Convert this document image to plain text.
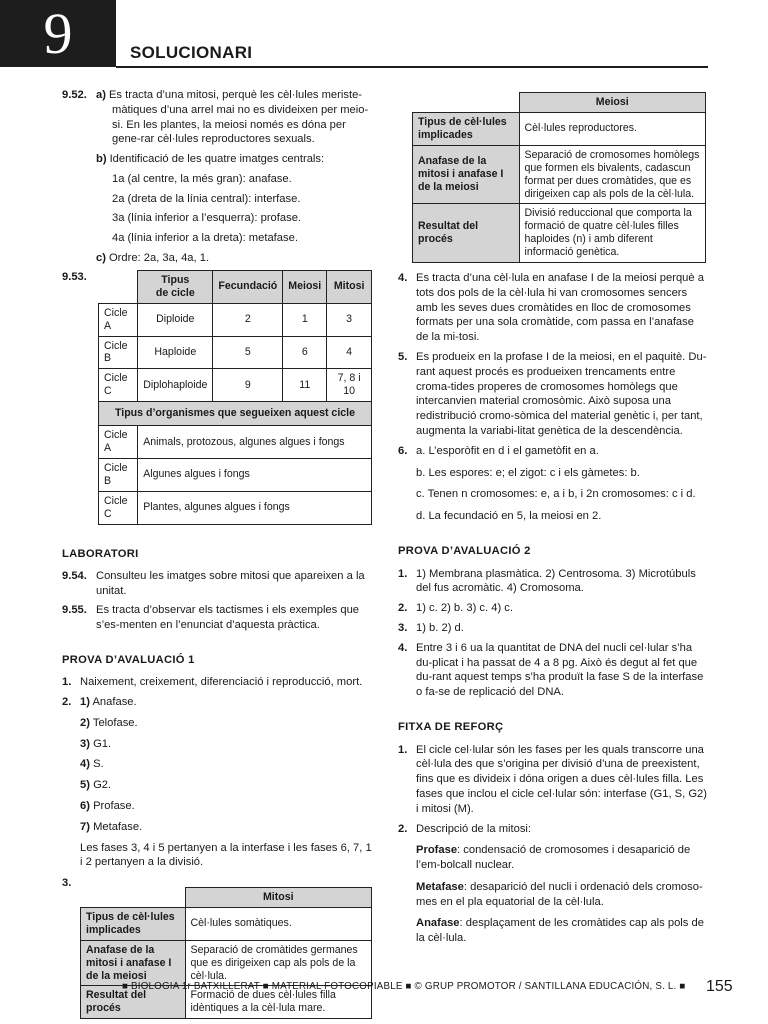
9	SOLUCIONARI
9.52. a) Es tracta d’una mitosi, perquè les cèl·lules meriste-màtiques d’una arrel mai no es divideixen per meio-si. En les plantes, la meiosi només es dóna per gene-rar cèl·lules reproductores sexuals.
b) Identificació de les quatre imatges centrals:
1a (al centre, la més gran): anafase.
2a (dreta de la línia central): interfase.
3a (línia inferior a l’esquerra): profase.
4a (línia inferior a la dreta): metafase.
c) Ordre: 2a, 3a, 4a, 1.
9.53.
		Tipus
de cicle	Fecundació	Meiosi	Mitosi
Cicle A	Diploide	2	1	3
Cicle B	Haploide	5	6	4
Cicle C	Diplohaploide	9	11	7, 8 i 10
Tipus d’organismes que segueixen aquest cicle				
Cicle A	Animals, protozous, algunes algues i fongs			
Cicle B	Algunes algues i fongs			
Cicle C	Plantes, algunes algues i fongs			
LABORATORI
9.54. Consulteu les imatges sobre mitosi que apareixen a la unitat.
9.55. Es tracta d’observar els tactismes i els exemples que s’es-menten en l’enunciat d’aquesta pràctica.
PROVA D’AVALUACIÓ 1
1. Naixement, creixement, diferenciació i reproducció, mort.
2. 1) Anafase.
2) Telofase.
3) G1.
4) S.
5) G2.
6) Profase.
7) Metafase.
Les fases 3, 4 i 5 pertanyen a la interfase i les fases 6, 7, 1 i 2 pertanyen a la divisió.
3.
	Mitosi
Tipus de cèl·lules implicades	Cèl·lules somàtiques.
Anafase de la mitosi i anafase I de la meiosi	Separació de cromàtides germanes que es dirigeixen cap als pols de la cèl·lula.
Resultat del procés	Formació de dues cèl·lules filla idèntiques a la cèl·lula mare.
	Meiosi
Tipus de cèl·lules implicades	Cèl·lules reproductores.
Anafase de la mitosi i anafase I de la meiosi	Separació de cromosomes homòlegs que formen els bivalents, cadascun format per dues cromàtides, que es dirigeixen cap als pols de la cèl·lula.
Resultat del procés	Divisió reduccional que comporta la formació de quatre cèl·lules filles haploides (n) i amb diferent informació genètica.
4. Es tracta d’una cèl·lula en anafase I de la meiosi perquè a tots dos pols de la cèl·lula hi van cromosomes sencers amb les seves dues cromàtides en lloc de cromosomes formats per una sola cromàtide, com passa en l’anafase de la mi-tosi.
5. Es produeix en la profase I de la meiosi, en el paquitè. Du-rant aquest procés es produeixen trencaments entre croma-tides properes de cromosomes homòlegs que intercanvien material cromosòmic. Això suposa una redistribució cromo-sòmica del material genètic i, per tant, augmenta la variabi-litat genètica de la descendència.
6. a. L’esporòfit en d i el gametòfit en a.
b. Les espores: e; el zigot: c i els gàmetes: b.
c. Tenen n cromosomes: e, a i b, i 2n cromosomes: c i d.
d. La fecundació en 5, la meiosi en 2.
PROVA D’AVALUACIÓ 2
1. 1) Membrana plasmàtica. 2) Centrosoma. 3) Microtúbuls del fus acromàtic. 4) Cromosoma.
2. 1) c. 2) b. 3) c. 4) c.
3. 1) b. 2) d.
4. Entre 3 i 6 ua la quantitat de DNA del nucli cel·lular s’ha du-plicat i ha passat de 4 a 8 pg. Això és degut al fet que du-rant aquest temps s’ha produït la fase S de la interfase o fa-se de replicació del DNA.
FITXA DE REFORÇ
1. El cicle cel·lular són les fases per les quals transcorre una cèl·lula des que s’origina per divisió d’una de preexistent, fins que es divideix i dóna origen a dues cèl·lules filla. Les fases que inclou el cicle cel·lular són: interfase (G1, S, G2) i mitosi (M).
2. Descripció de la mitosi:
Profase: condensació de cromosomes i desaparició de l’em-bolcall nuclear.
Metafase: desaparició del nucli i ordenació dels cromoso-mes en el pla equatorial de la cèl·lula.
Anafase: desplaçament de les cromàtides cap als pols de la cèl·lula.
■ BIOLOGIA 1r BATXILLERAT ■ MATERIAL FOTOCOPIABLE ■ © GRUP PROMOTOR / SANTILLANA EDUCACIÓN, S. L. ■ 155
